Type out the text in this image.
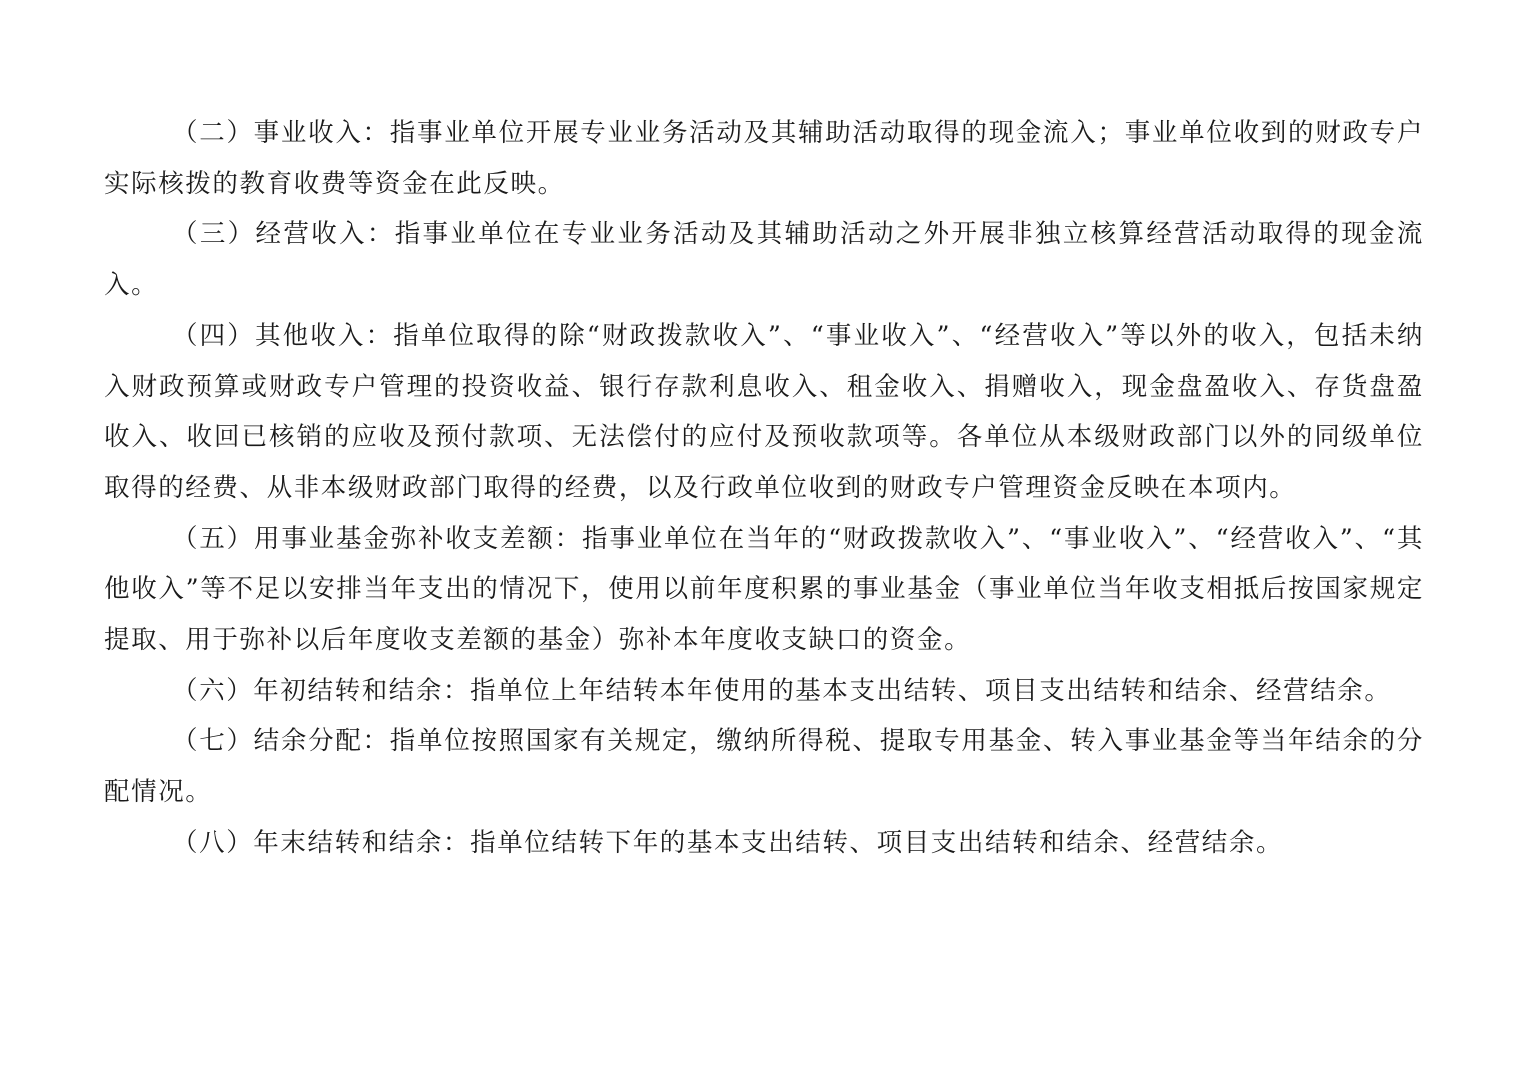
（二）事业收入：指事业单位开展专业业务活动及其辅助活动取得的现金流入；事业单位收到的财政专户实际核拨的教育收费等资金在此反映。

（三）经营收入：指事业单位在专业业务活动及其辅助活动之外开展非独立核算经营活动取得的现金流入。

（四）其他收入：指单位取得的除“财政拨款收入”、“事业收入”、“经营收入”等以外的收入，包括未纳入财政预算或财政专户管理的投资收益、银行存款利息收入、租金收入、捐赠收入，现金盘盈收入、存货盘盈收入、收回已核销的应收及预付款项、无法偿付的应付及预收款项等。各单位从本级财政部门以外的同级单位取得的经费、从非本级财政部门取得的经费，以及行政单位收到的财政专户管理资金反映在本项内。

（五）用事业基金弥补收支差额：指事业单位在当年的“财政拨款收入”、“事业收入”、“经营收入”、“其他收入”等不足以安排当年支出的情况下，使用以前年度积累的事业基金（事业单位当年收支相抵后按国家规定提取、用于弥补以后年度收支差额的基金）弥补本年度收支缺口的资金。

（六）年初结转和结余：指单位上年结转本年使用的基本支出结转、项目支出结转和结余、经营结余。

（七）结余分配：指单位按照国家有关规定，缴纳所得税、提取专用基金、转入事业基金等当年结余的分配情况。

（八）年末结转和结余：指单位结转下年的基本支出结转、项目支出结转和结余、经营结余。
